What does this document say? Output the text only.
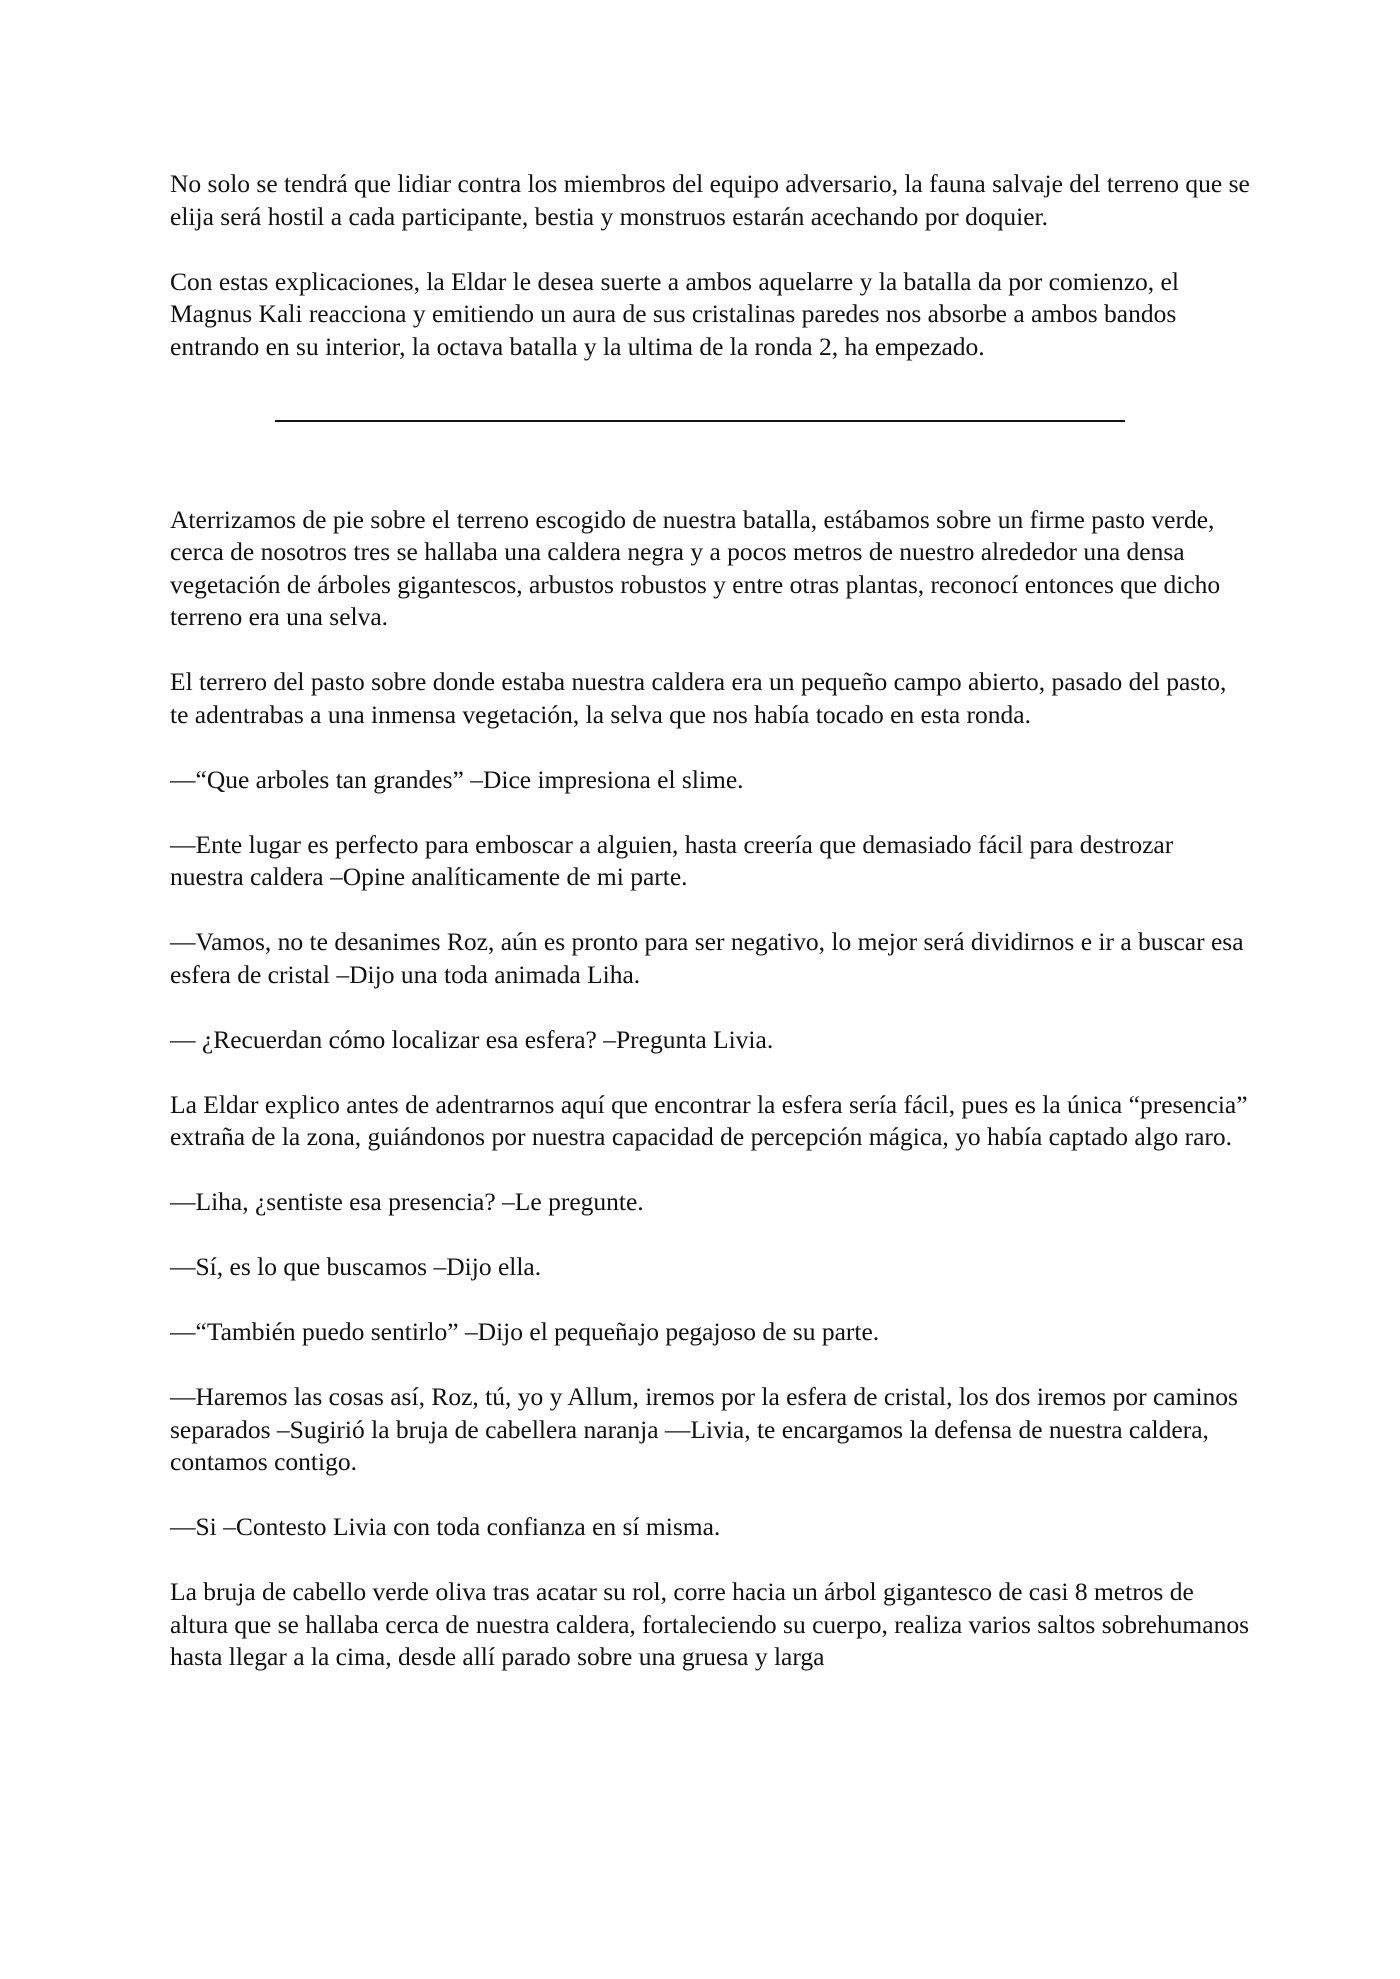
No solo se tendrá que lidiar contra los miembros del equipo adversario, la fauna salvaje del terreno que se elija será hostil a cada participante, bestia y monstruos estarán acechando por doquier.

Con estas explicaciones, la Eldar le desea suerte a ambos aquelarre y la batalla da por comienzo, el Magnus Kali reacciona y emitiendo un aura de sus cristalinas paredes nos absorbe a ambos bandos entrando en su interior, la octava batalla y la ultima de la ronda 2, ha empezado.

Aterrizamos de pie sobre el terreno escogido de nuestra batalla, estábamos sobre un firme pasto verde, cerca de nosotros tres se hallaba una caldera negra y a pocos metros de nuestro alrededor una densa vegetación de árboles gigantescos, arbustos robustos y entre otras plantas, reconocí entonces que dicho terreno era una selva.

El terrero del pasto sobre donde estaba nuestra caldera era un pequeño campo abierto, pasado del pasto, te adentrabas a una inmensa vegetación, la selva que nos había tocado en esta ronda.

—“Que arboles tan grandes” –Dice impresiona el slime.

—Ente lugar es perfecto para emboscar a alguien, hasta creería que demasiado fácil para destrozar nuestra caldera –Opine analíticamente de mi parte.

—Vamos, no te desanimes Roz, aún es pronto para ser negativo, lo mejor será dividirnos e ir a buscar esa esfera de cristal –Dijo una toda animada Liha.

— ¿Recuerdan cómo localizar esa esfera? –Pregunta Livia.

La Eldar explico antes de adentrarnos aquí que encontrar la esfera sería fácil, pues es la única “presencia” extraña de la zona, guiándonos por nuestra capacidad de percepción mágica, yo había captado algo raro.

—Liha, ¿sentiste esa presencia? –Le pregunte.

—Sí, es lo que buscamos –Dijo ella.

—“También puedo sentirlo” –Dijo el pequeñajo pegajoso de su parte.

—Haremos las cosas así, Roz, tú, yo y Allum, iremos por la esfera de cristal, los dos iremos por caminos separados –Sugirió la bruja de cabellera naranja —Livia, te encargamos la defensa de nuestra caldera, contamos contigo.

—Si –Contesto Livia con toda confianza en sí misma.

La bruja de cabello verde oliva tras acatar su rol, corre hacia un árbol gigantesco de casi 8 metros de altura que se hallaba cerca de nuestra caldera, fortaleciendo su cuerpo, realiza varios saltos sobrehumanos hasta llegar a la cima, desde allí parado sobre una gruesa y larga
